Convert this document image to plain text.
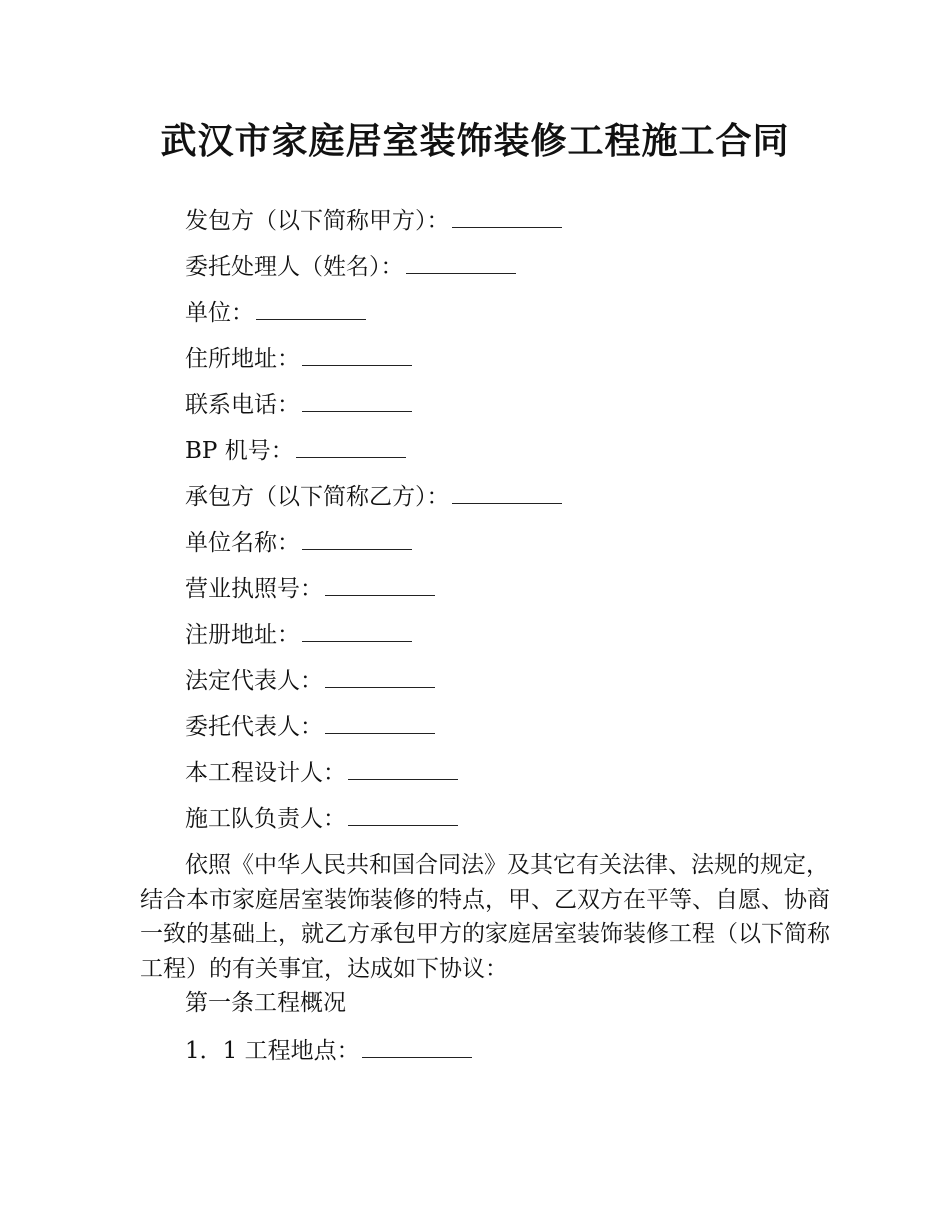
武汉市家庭居室装饰装修工程施工合同
发包方（以下简称甲方）：
委托处理人（姓名）：
单位：
住所地址：
联系电话：
BP 机号：
承包方（以下简称乙方）：
单位名称：
营业执照号：
注册地址：
法定代表人：
委托代表人：
本工程设计人：
施工队负责人：

依照《中华人民共和国合同法》及其它有关法律、法规的规定，结合本市家庭居室装饰装修的特点，甲、乙双方在平等、自愿、协商一致的基础上，就乙方承包甲方的家庭居室装饰装修工程（以下简称工程）的有关事宜，达成如下协议：

第一条工程概况
1．1 工程地点：
